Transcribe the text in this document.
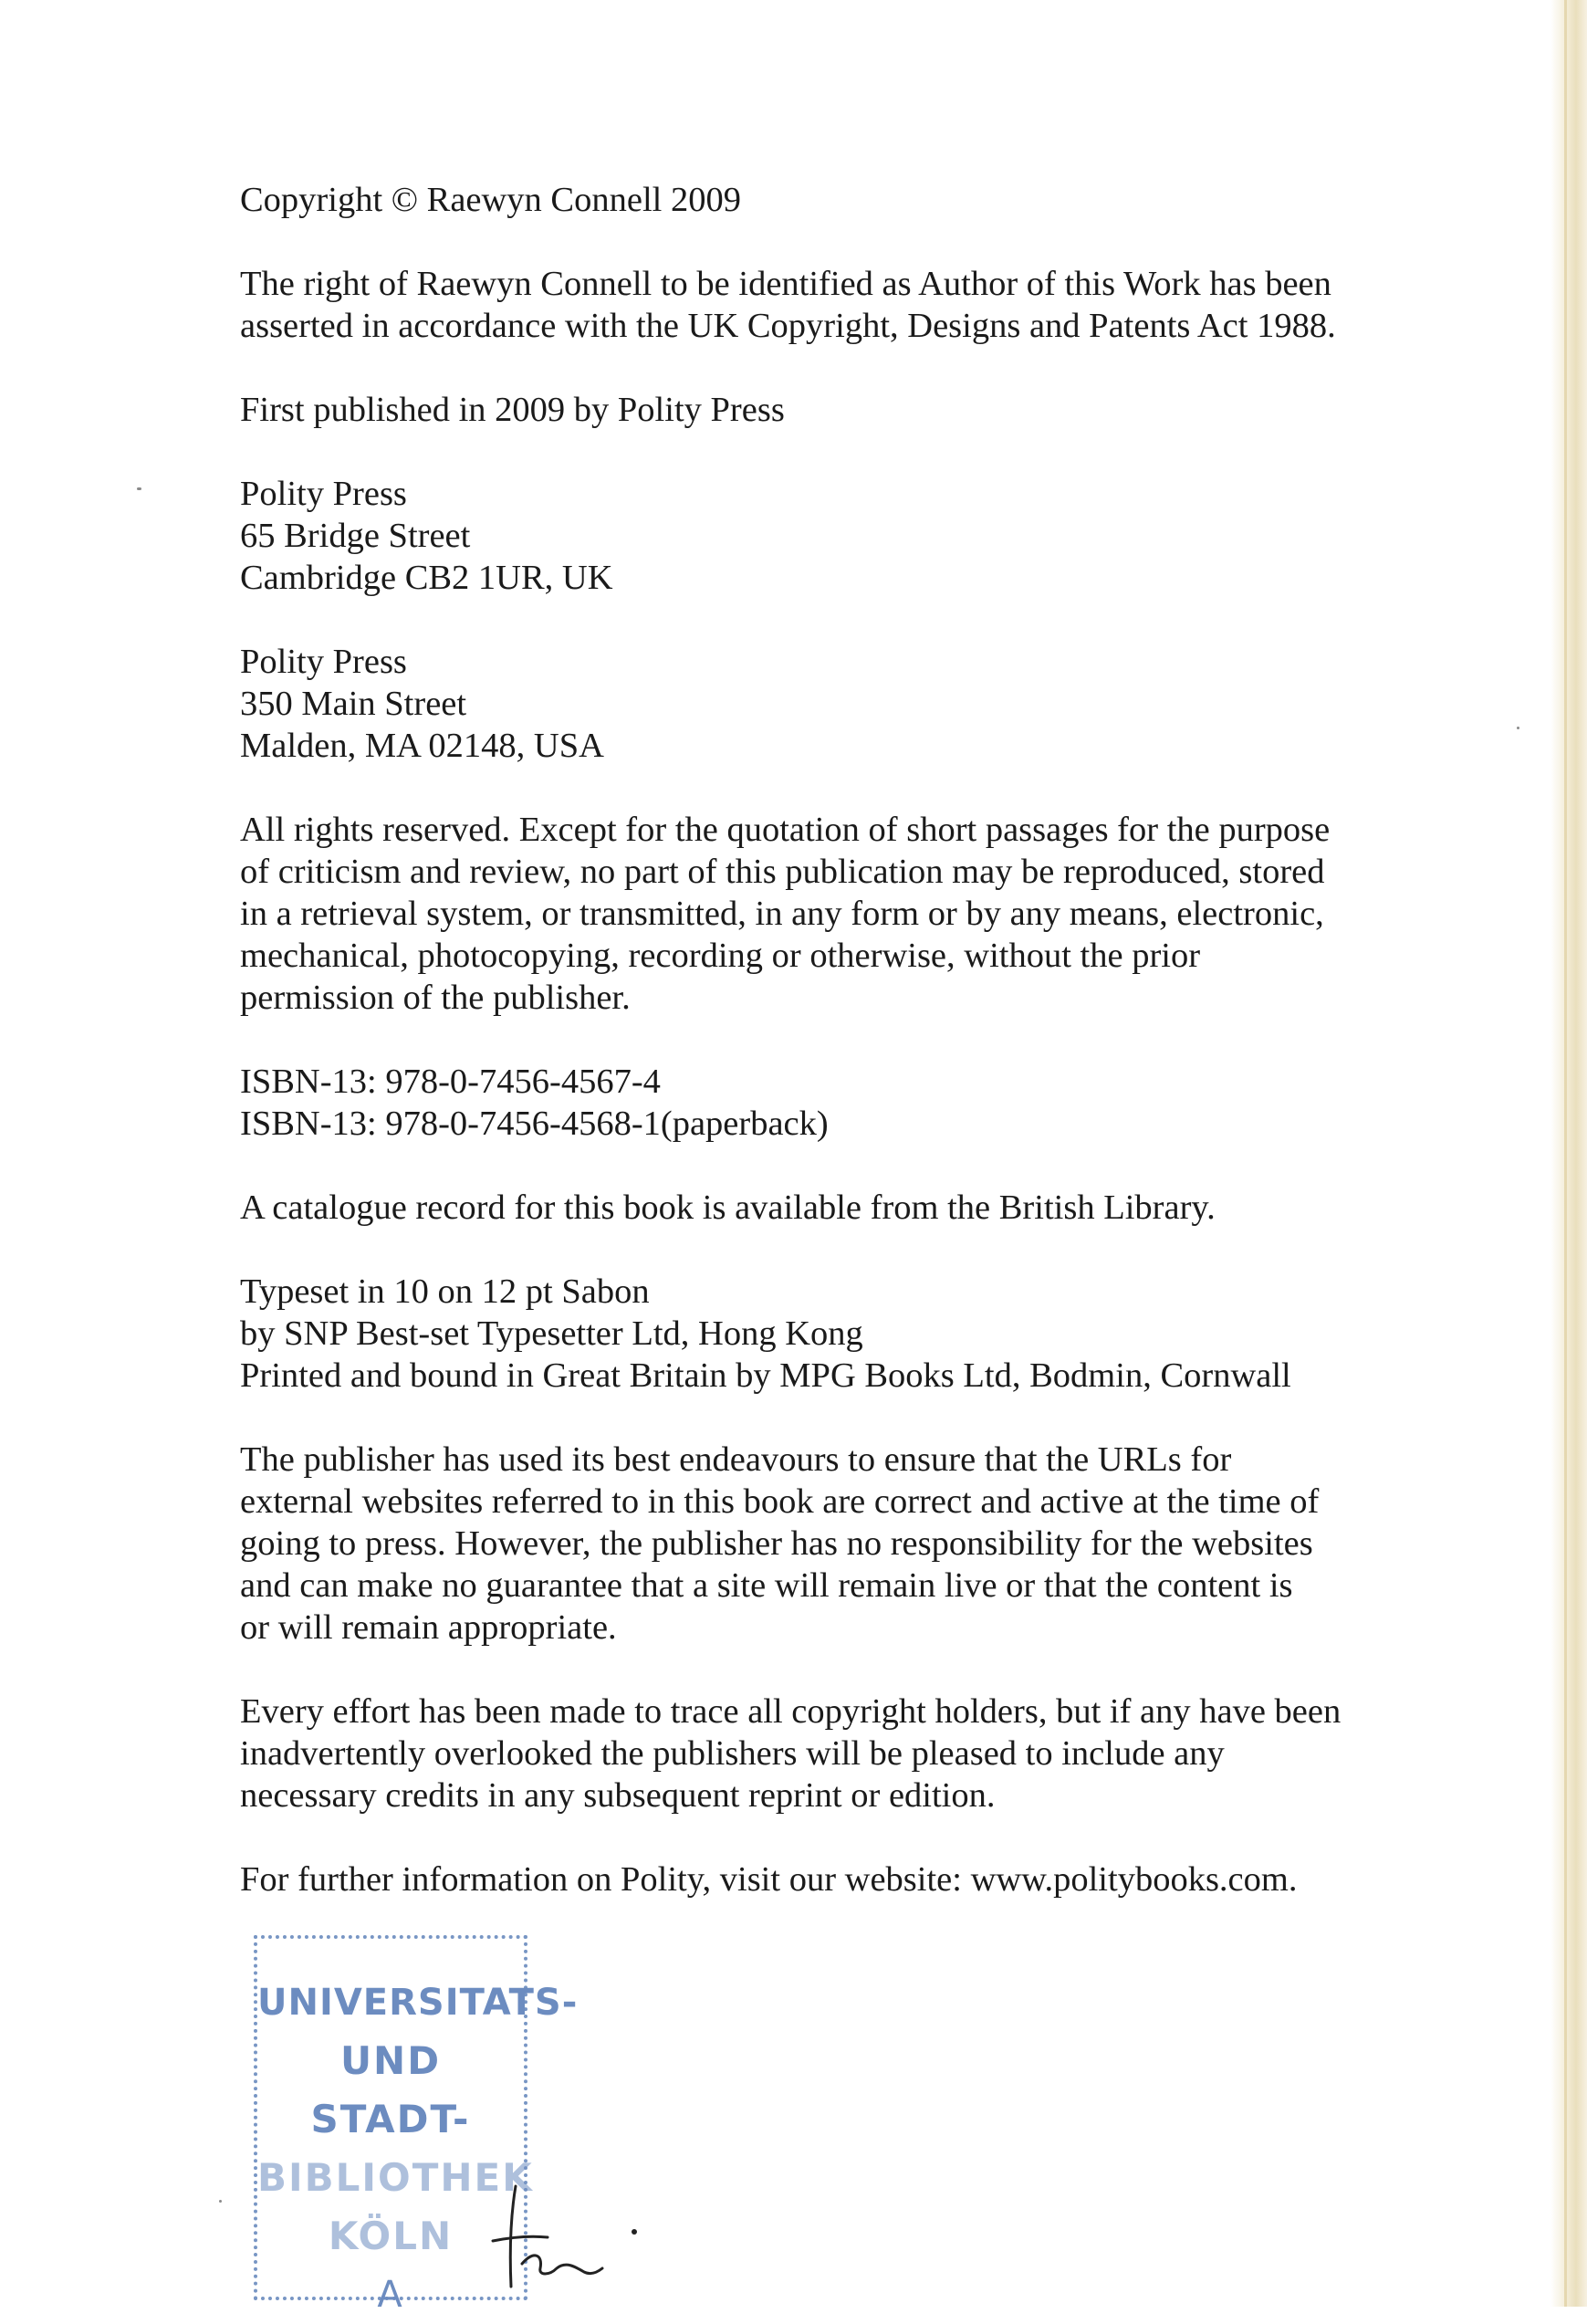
Copyright © Raewyn Connell 2009

The right of Raewyn Connell to be identified as Author of this Work has been
asserted in accordance with the UK Copyright, Designs and Patents Act 1988.

First published in 2009 by Polity Press

Polity Press
65 Bridge Street
Cambridge CB2 1UR, UK

Polity Press
350 Main Street
Malden, MA 02148, USA

All rights reserved. Except for the quotation of short passages for the purpose
of criticism and review, no part of this publication may be reproduced, stored
in a retrieval system, or transmitted, in any form or by any means, electronic,
mechanical, photocopying, recording or otherwise, without the prior
permission of the publisher.

ISBN-13: 978-0-7456-4567-4
ISBN-13: 978-0-7456-4568-1(paperback)

A catalogue record for this book is available from the British Library.

Typeset in 10 on 12 pt Sabon
by SNP Best-set Typesetter Ltd, Hong Kong
Printed and bound in Great Britain by MPG Books Ltd, Bodmin, Cornwall

The publisher has used its best endeavours to ensure that the URLs for
external websites referred to in this book are correct and active at the time of
going to press. However, the publisher has no responsibility for the websites
and can make no guarantee that a site will remain live or that the content is
or will remain appropriate.

Every effort has been made to trace all copyright holders, but if any have been
inadvertently overlooked the publishers will be pleased to include any
necessary credits in any subsequent reprint or edition.

For further information on Polity, visit our website: www.politybooks.com.

UNIVERSITATS-
UND
STADT-
BIBLIOTHEK
KÖLN
A
